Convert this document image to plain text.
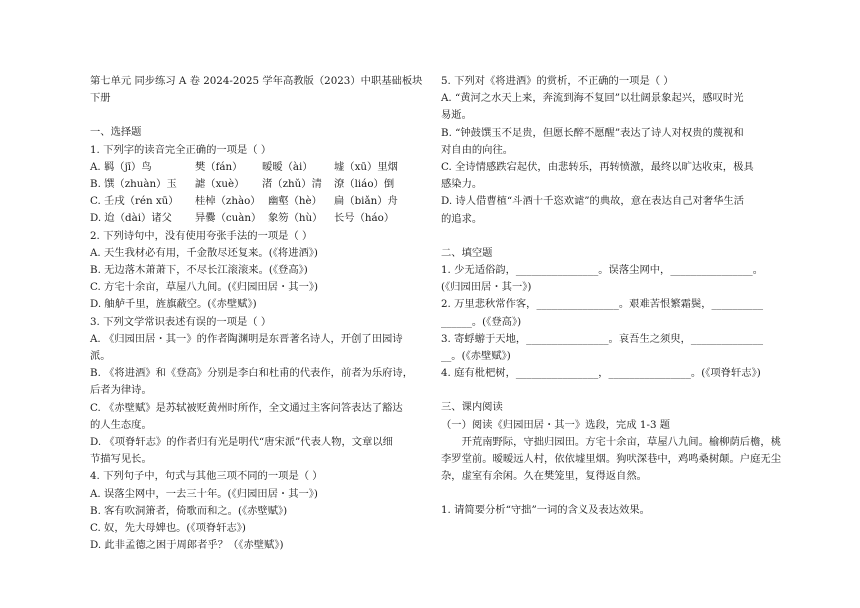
第七单元 同步练习 A 卷 2024-2025 学年高教版（2023）中职基础板块
下册
一、选择题
1. 下列字的读音完全正确的一项是（ ）
A. 羁（jī）鸟	樊（fán） 暧暧（ài） 墟（xū）里烟
B. 馔（zhuàn）玉 謔（xuè） 渚（zhǔ）清 潦（liáo）倒
C. 壬戌（rén xū） 桂棹（zhào） 幽壑（hè） 扁（biǎn）舟
D. 迨（dài）诸父 异爨（cuàn） 象笏（hù） 长号（háo）
2. 下列诗句中，没有使用夸张手法的一项是（ ）
A. 天生我材必有用，千金散尽还复来。(《将进酒》)
B. 无边落木萧萧下，不尽长江滚滚来。(《登高》)
C. 方宅十余亩，草屋八九间。(《归园田居・其一》)
D. 舳舻千里，旌旗蔽空。(《赤壁赋》)
3. 下列文学常识表述有误的一项是（ ）
A. 《归园田居・其一》的作者陶渊明是东晋著名诗人，开创了田园诗
派。
B. 《将进酒》和《登高》分别是李白和杜甫的代表作，前者为乐府诗，
后者为律诗。
C. 《赤壁赋》是苏轼被贬黄州时所作，全文通过主客问答表达了豁达
的人生态度。
D. 《项脊轩志》的作者归有光是明代“唐宋派”代表人物，文章以细
节描写见长。
4. 下列句子中，句式与其他三项不同的一项是（ ）
A. 误落尘网中，一去三十年。(《归园田居・其一》)
B. 客有吹洞箫者，倚歌而和之。(《赤壁赋》)
C. 奴，先大母婢也。(《项脊轩志》)
D. 此非孟德之困于周郎者乎？（《赤壁赋》)
5. 下列对《将进酒》的赏析，不正确的一项是（ ）
A. “黄河之水天上来，奔流到海不复回”以壮阔景象起兴，感叹时光
易逝。
B. “钟鼓馔玉不足贵，但愿长醉不愿醒”表达了诗人对权贵的蔑视和
对自由的向往。
C. 全诗情感跌宕起伏，由悲转乐，再转愤激，最终以旷达收束，极具
感染力。
D. 诗人借曹植“斗酒十千恣欢谑”的典故，意在表达自己对奢华生活
的追求。
二、填空题
1. 少无适俗韵，________________。误落尘网中，________________。
(《归园田居・其一》)
2. 万里悲秋常作客，________________。艰难苦恨繁霜鬓，__________
______。(《登高》)
3. 寄蜉蝣于天地，________________。哀吾生之须臾，______________
__。(《赤壁赋》)
4. 庭有枇杷树，________________，________________。(《项脊轩志》)
三、课内阅读
（一）阅读《归园田居・其一》选段，完成 1-3 题
开荒南野际，守拙归园田。方宅十余亩，草屋八九间。榆柳荫后檐，桃李罗堂前。暧暧远人村，依依墟里烟。狗吠深巷中，鸡鸣桑树颠。户庭无尘杂，虚室有余闲。久在樊笼里，复得返自然。
1. 请简要分析“守拙”一词的含义及表达效果。
